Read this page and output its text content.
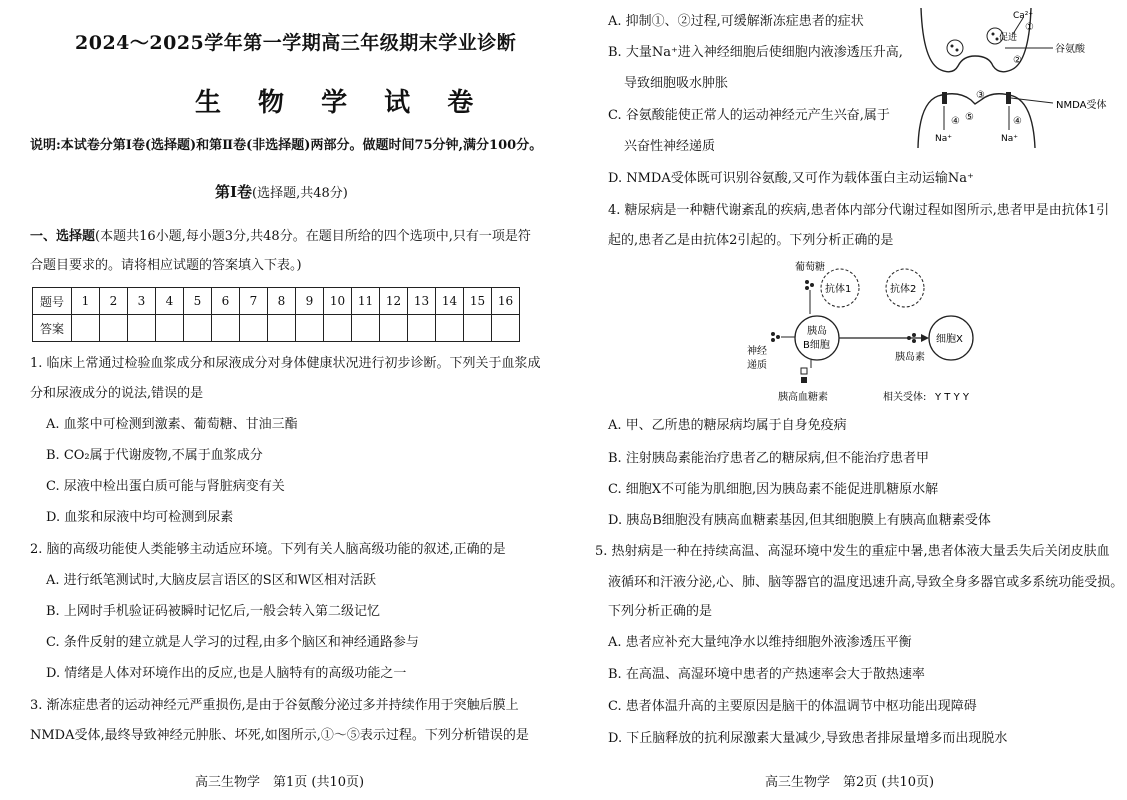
2024～2025学年第一学期高三年级期末学业诊断
生 物 学 试 卷
说明:本试卷分第Ⅰ卷(选择题)和第Ⅱ卷(非选择题)两部分。做题时间75分钟,满分100分。
第Ⅰ卷(选择题,共48分)
一、选择题(本题共16小题,每小题3分,共48分。在题目所给的四个选项中,只有一项是符
合题目要求的。请将相应试题的答案填入下表。)
题号	1	2	3	4	5	6	7	8	9	10	11	12	13	14	15	16
答案																
1. 临床上常通过检验血浆成分和尿液成分对身体健康状况进行初步诊断。下列关于血浆成
分和尿液成分的说法,错误的是
A. 血浆中可检测到激素、葡萄糖、甘油三酯
B. CO₂属于代谢废物,不属于血浆成分
C. 尿液中检出蛋白质可能与肾脏病变有关
D. 血浆和尿液中均可检测到尿素
2. 脑的高级功能使人类能够主动适应环境。下列有关人脑高级功能的叙述,正确的是
A. 进行纸笔测试时,大脑皮层言语区的S区和W区相对活跃
B. 上网时手机验证码被瞬时记忆后,一般会转入第二级记忆
C. 条件反射的建立就是人学习的过程,由多个脑区和神经通路参与
D. 情绪是人体对环境作出的反应,也是人脑特有的高级功能之一
3. 渐冻症患者的运动神经元严重损伤,是由于谷氨酸分泌过多并持续作用于突触后膜上
NMDA受体,最终导致神经元肿胀、坏死,如图所示,①～⑤表示过程。下列分析错误的是
高三生物学　第1页 (共10页)
A. 抑制①、②过程,可缓解渐冻症患者的症状
B. 大量Na⁺进入神经细胞后使细胞内液渗透压升高,
导致细胞吸水肿胀
C. 谷氨酸能使正常人的运动神经元产生兴奋,属于
兴奋性神经递质
D. NMDA受体既可识别谷氨酸,又可作为载体蛋白主动运输Na⁺
Ca²⁺
①
促进
②
谷氨酸
③
④	④
⑤
NMDA受体
Na⁺	Na⁺
4. 糖尿病是一种糖代谢紊乱的疾病,患者体内部分代谢过程如图所示,患者甲是由抗体1引
起的,患者乙是由抗体2引起的。下列分析正确的是
胰岛
B细胞
细胞X
抗体1	抗体2
葡萄糖
胰岛素
神经
递质
胰高血糖素	相关受体: Y T Y Y
A. 甲、乙所患的糖尿病均属于自身免疫病
B. 注射胰岛素能治疗患者乙的糖尿病,但不能治疗患者甲
C. 细胞X不可能为肌细胞,因为胰岛素不能促进肌糖原水解
D. 胰岛B细胞没有胰高血糖素基因,但其细胞膜上有胰高血糖素受体
5. 热射病是一种在持续高温、高湿环境中发生的重症中暑,患者体液大量丢失后关闭皮肤血
液循环和汗液分泌,心、肺、脑等器官的温度迅速升高,导致全身多器官或多系统功能受损。
下列分析正确的是
A. 患者应补充大量纯净水以维持细胞外液渗透压平衡
B. 在高温、高湿环境中患者的产热速率会大于散热速率
C. 患者体温升高的主要原因是脑干的体温调节中枢功能出现障碍
D. 下丘脑释放的抗利尿激素大量减少,导致患者排尿量增多而出现脱水
高三生物学　第2页 (共10页)
